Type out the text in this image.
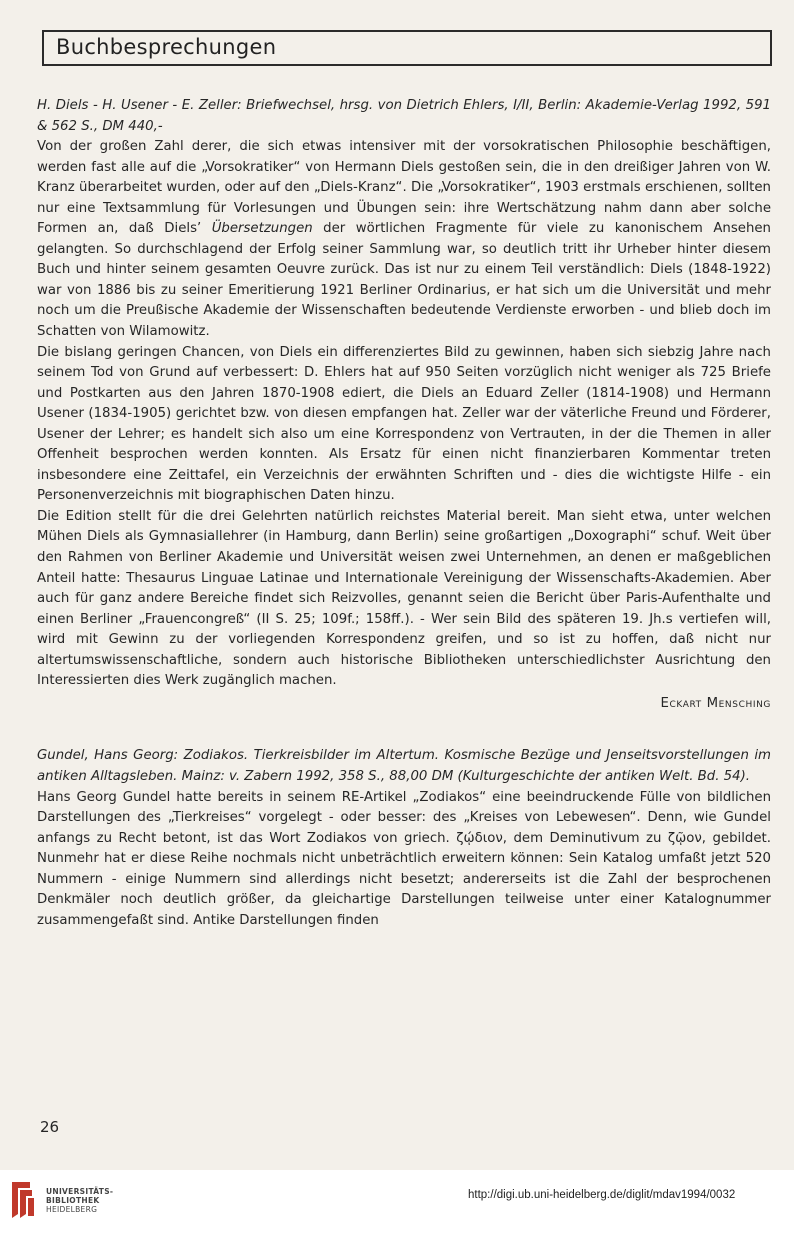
Buchbesprechungen

H. Diels - H. Usener - E. Zeller: Briefwechsel, hrsg. von Dietrich Ehlers, I/II, Berlin: Akademie-Verlag 1992, 591 & 562 S., DM 440,-

Von der großen Zahl derer, die sich etwas intensiver mit der vorsokratischen Philosophie beschäftigen, werden fast alle auf die „Vorsokratiker“ von Hermann Diels gestoßen sein, die in den dreißiger Jahren von W. Kranz überarbeitet wurden, oder auf den „Diels-Kranz“. Die „Vorsokratiker“, 1903 erstmals erschienen, sollten nur eine Textsammlung für Vorlesungen und Übungen sein: ihre Wertschätzung nahm dann aber solche Formen an, daß Diels’ Übersetzungen der wörtlichen Fragmente für viele zu kanonischem Ansehen gelangten. So durchschlagend der Erfolg seiner Sammlung war, so deutlich tritt ihr Urheber hinter diesem Buch und hinter seinem gesamten Oeuvre zurück. Das ist nur zu einem Teil verständlich: Diels (1848-1922) war von 1886 bis zu seiner Emeritierung 1921 Berliner Ordinarius, er hat sich um die Universität und mehr noch um die Preußische Akademie der Wissenschaften bedeutende Verdienste erworben - und blieb doch im Schatten von Wilamowitz.

Die bislang geringen Chancen, von Diels ein differenziertes Bild zu gewinnen, haben sich siebzig Jahre nach seinem Tod von Grund auf verbessert: D. Ehlers hat auf 950 Seiten vorzüglich nicht weniger als 725 Briefe und Postkarten aus den Jahren 1870-1908 ediert, die Diels an Eduard Zeller (1814-1908) und Hermann Usener (1834-1905) gerichtet bzw. von diesen empfangen hat. Zeller war der väterliche Freund und Förderer, Usener der Lehrer; es handelt sich also um eine Korrespondenz von Vertrauten, in der die Themen in aller Offenheit besprochen werden konnten. Als Ersatz für einen nicht finanzierbaren Kommentar treten insbesondere eine Zeittafel, ein Verzeichnis der erwähnten Schriften und - dies die wichtigste Hilfe - ein Personenverzeichnis mit biographischen Daten hinzu.

Die Edition stellt für die drei Gelehrten natürlich reichstes Material bereit. Man sieht etwa, unter welchen Mühen Diels als Gymnasiallehrer (in Hamburg, dann Berlin) seine großartigen „Doxographi“ schuf. Weit über den Rahmen von Berliner Akademie und Universität weisen zwei Unternehmen, an denen er maßgeblichen Anteil hatte: Thesaurus Linguae Latinae und Internationale Vereinigung der Wissenschafts-Akademien. Aber auch für ganz andere Bereiche findet sich Reizvolles, genannt seien die Bericht über Paris-Aufenthalte und einen Berliner „Frauencongreß“ (II S. 25; 109f.; 158ff.). - Wer sein Bild des späteren 19. Jh.s vertiefen will, wird mit Gewinn zu der vorliegenden Korrespondenz greifen, und so ist zu hoffen, daß nicht nur altertumswissenschaftliche, sondern auch historische Bibliotheken unterschiedlichster Ausrichtung den Interessierten dies Werk zugänglich machen.

Eckart Mensching

Gundel, Hans Georg: Zodiakos. Tierkreisbilder im Altertum. Kosmische Bezüge und Jenseitsvorstellungen im antiken Alltagsleben. Mainz: v. Zabern 1992, 358 S., 88,00 DM (Kulturgeschichte der antiken Welt. Bd. 54).

Hans Georg Gundel hatte bereits in seinem RE-Artikel „Zodiakos“ eine beeindruckende Fülle von bildlichen Darstellungen des „Tierkreises“ vorgelegt - oder besser: des „Kreises von Lebewesen“. Denn, wie Gundel anfangs zu Recht betont, ist das Wort Zodiakos von griech. ζῴδιον, dem Deminutivum zu ζῷον, gebildet. Nunmehr hat er diese Reihe nochmals nicht unbeträchtlich erweitern können: Sein Katalog umfaßt jetzt 520 Nummern - einige Nummern sind allerdings nicht besetzt; andererseits ist die Zahl der besprochenen Denkmäler noch deutlich größer, da gleichartige Darstellungen teilweise unter einer Katalognummer zusammengefaßt sind. Antike Darstellungen finden

26
UNIVERSITÄTS-
BIBLIOTHEK
HEIDELBERG
http://digi.ub.uni-heidelberg.de/diglit/mdav1994/0032
